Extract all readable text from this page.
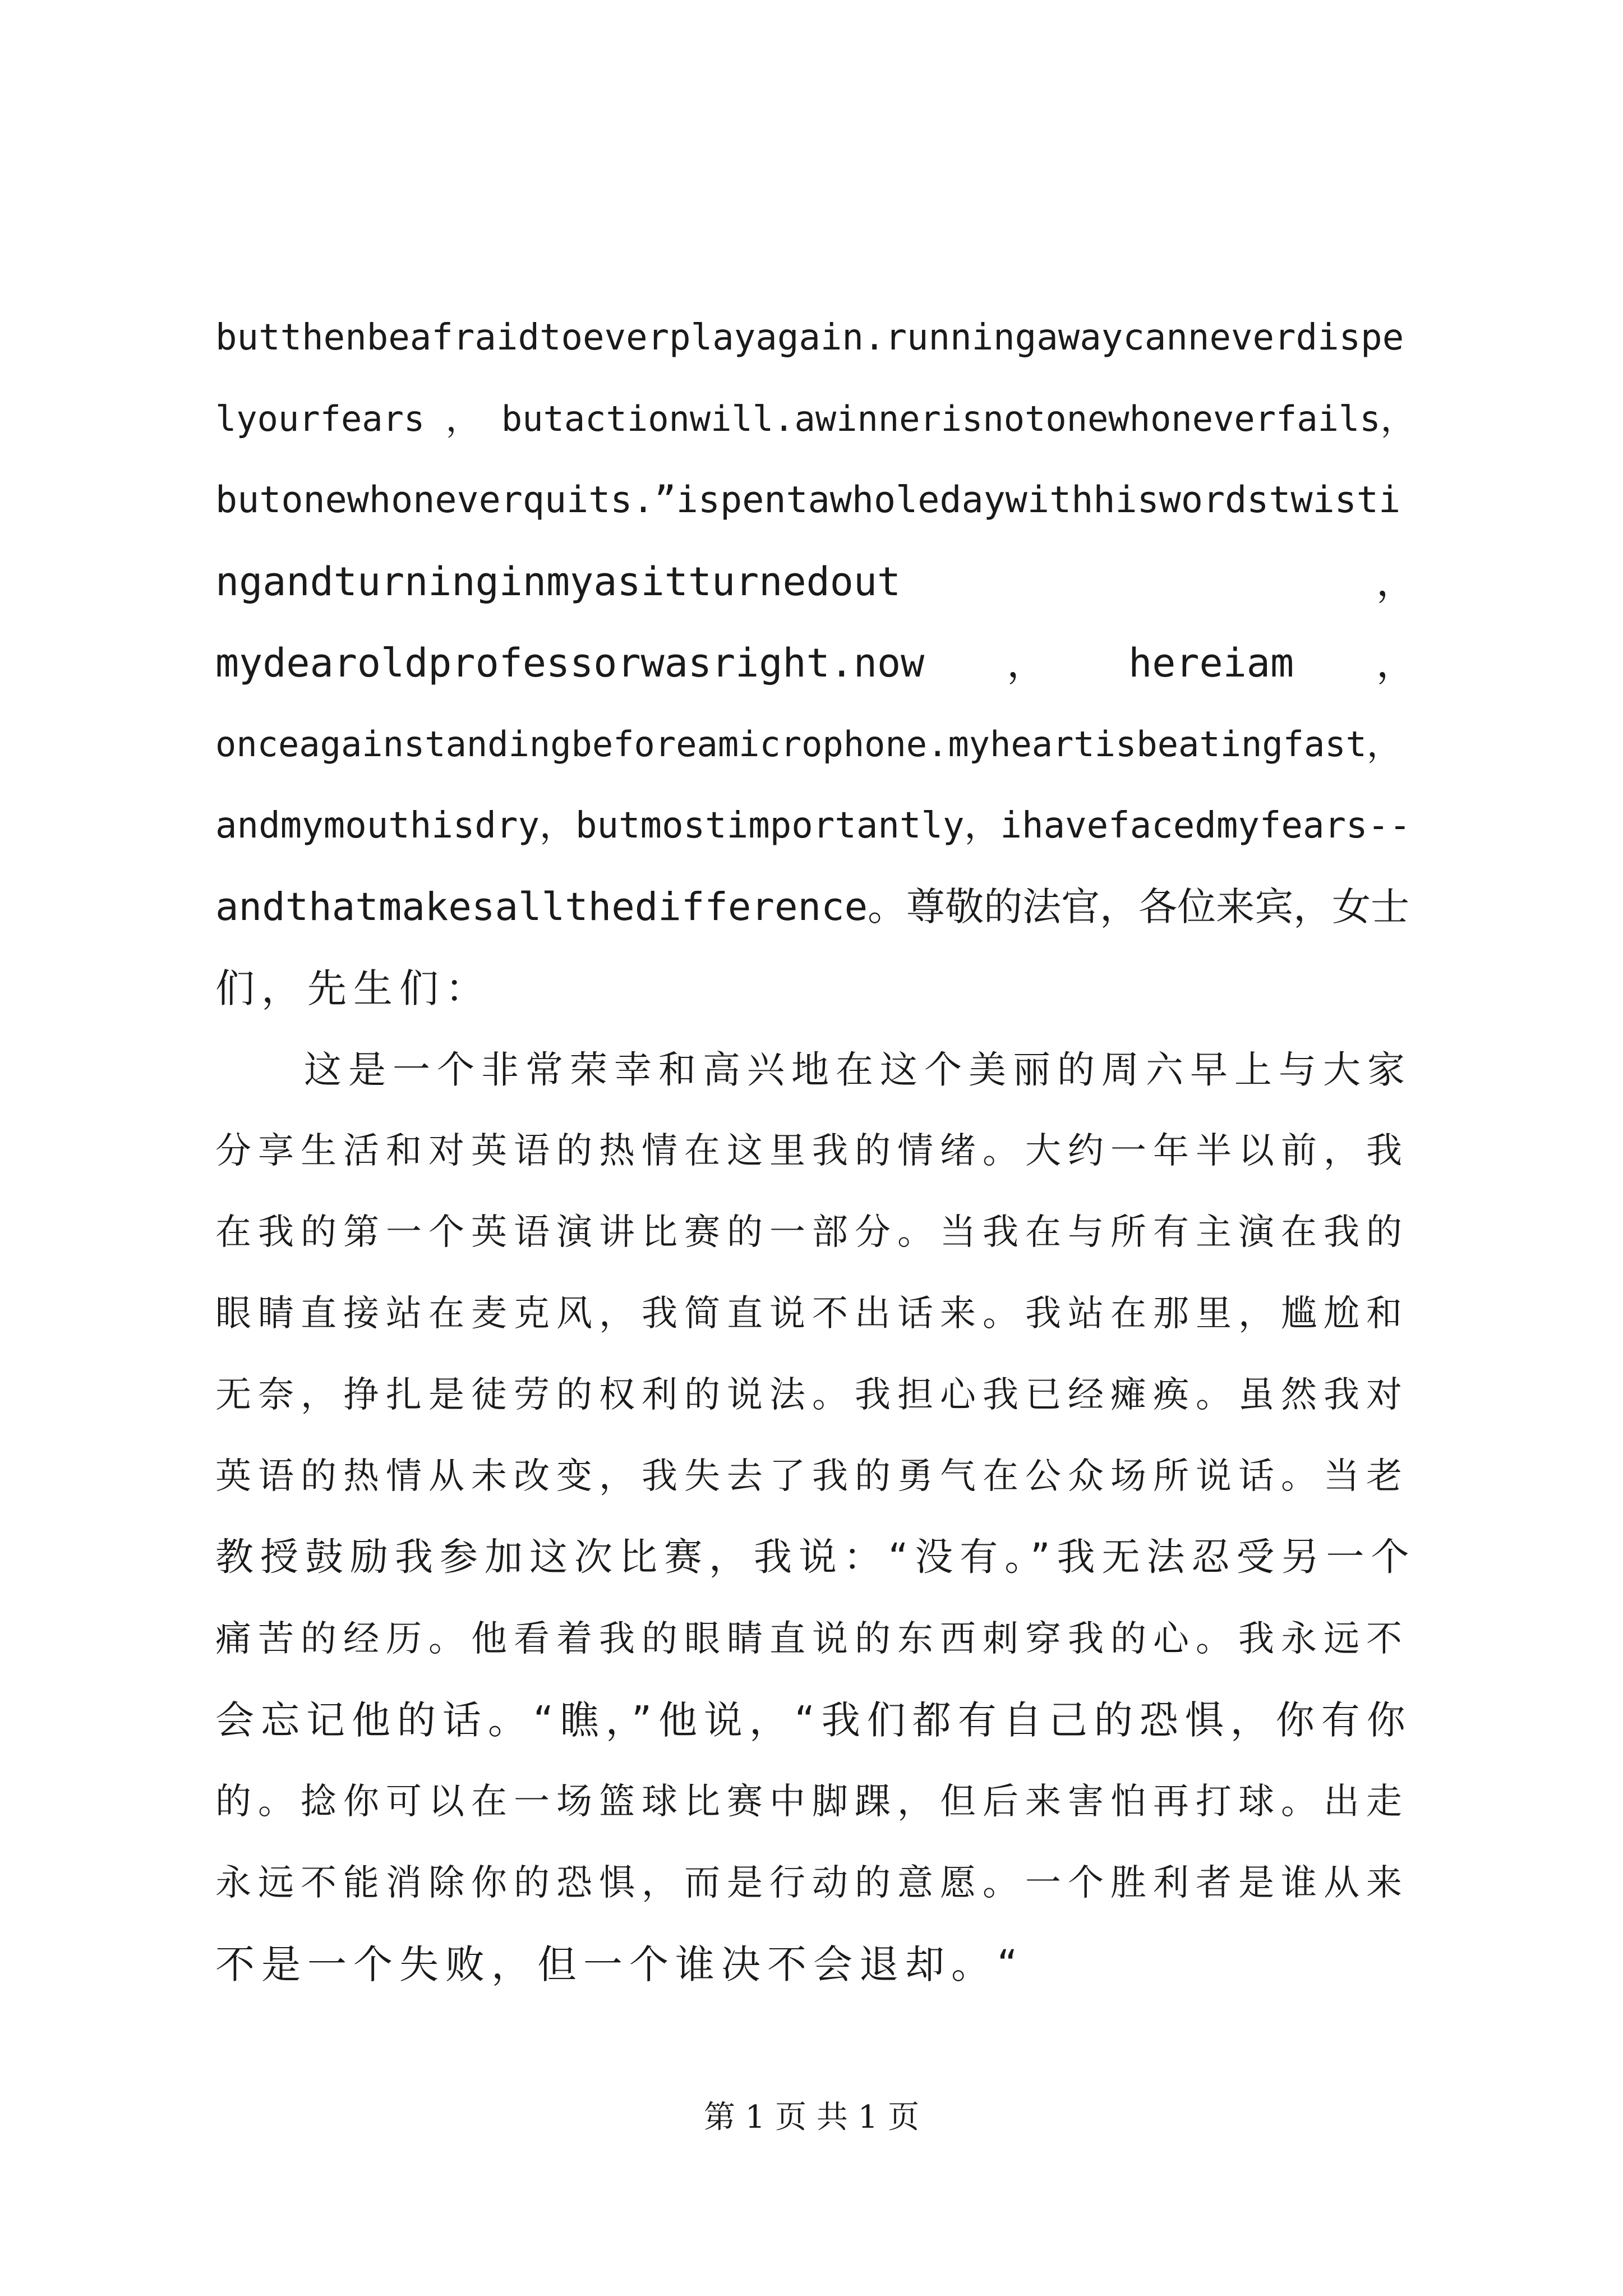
butthenbeafraidtoeverplayagain.runningawaycanneverdispe
lyourfears ， butactionwill.awinnerisnotonewhoneverfails，
butonewhoneverquits.”ispentawholedaywithhiswordstwisti
ngandturninginmyasitturnedout	，
mydearoldprofessorwasright.now ， hereiam ，
onceagainstandingbeforeamicrophone.myheartisbeatingfast，
andmymouthisdry，butmostimportantly，ihavefacedmyfears--
andthatmakesallthedifference。尊敬的法官，各位来宾，女士
们，先生们：
　　这是一个非常荣幸和高兴地在这个美丽的周六早上与大家
分享生活和对英语的热情在这里我的情绪。大约一年半以前，我
在我的第一个英语演讲比赛的一部分。当我在与所有主演在我的
眼睛直接站在麦克风，我简直说不出话来。我站在那里，尴尬和
无奈，挣扎是徒劳的权利的说法。我担心我已经瘫痪。虽然我对
英语的热情从未改变，我失去了我的勇气在公众场所说话。当老
教授鼓励我参加这次比赛，我说：“没有。”我无法忍受另一个
痛苦的经历。他看着我的眼睛直说的东西刺穿我的心。我永远不
会忘记他的话。“瞧，”他说，“我们都有自己的恐惧，你有你
的。捻你可以在一场篮球比赛中脚踝，但后来害怕再打球。出走
永远不能消除你的恐惧，而是行动的意愿。一个胜利者是谁从来
不是一个失败，但一个谁决不会退却。“
第 1 页 共 1 页
